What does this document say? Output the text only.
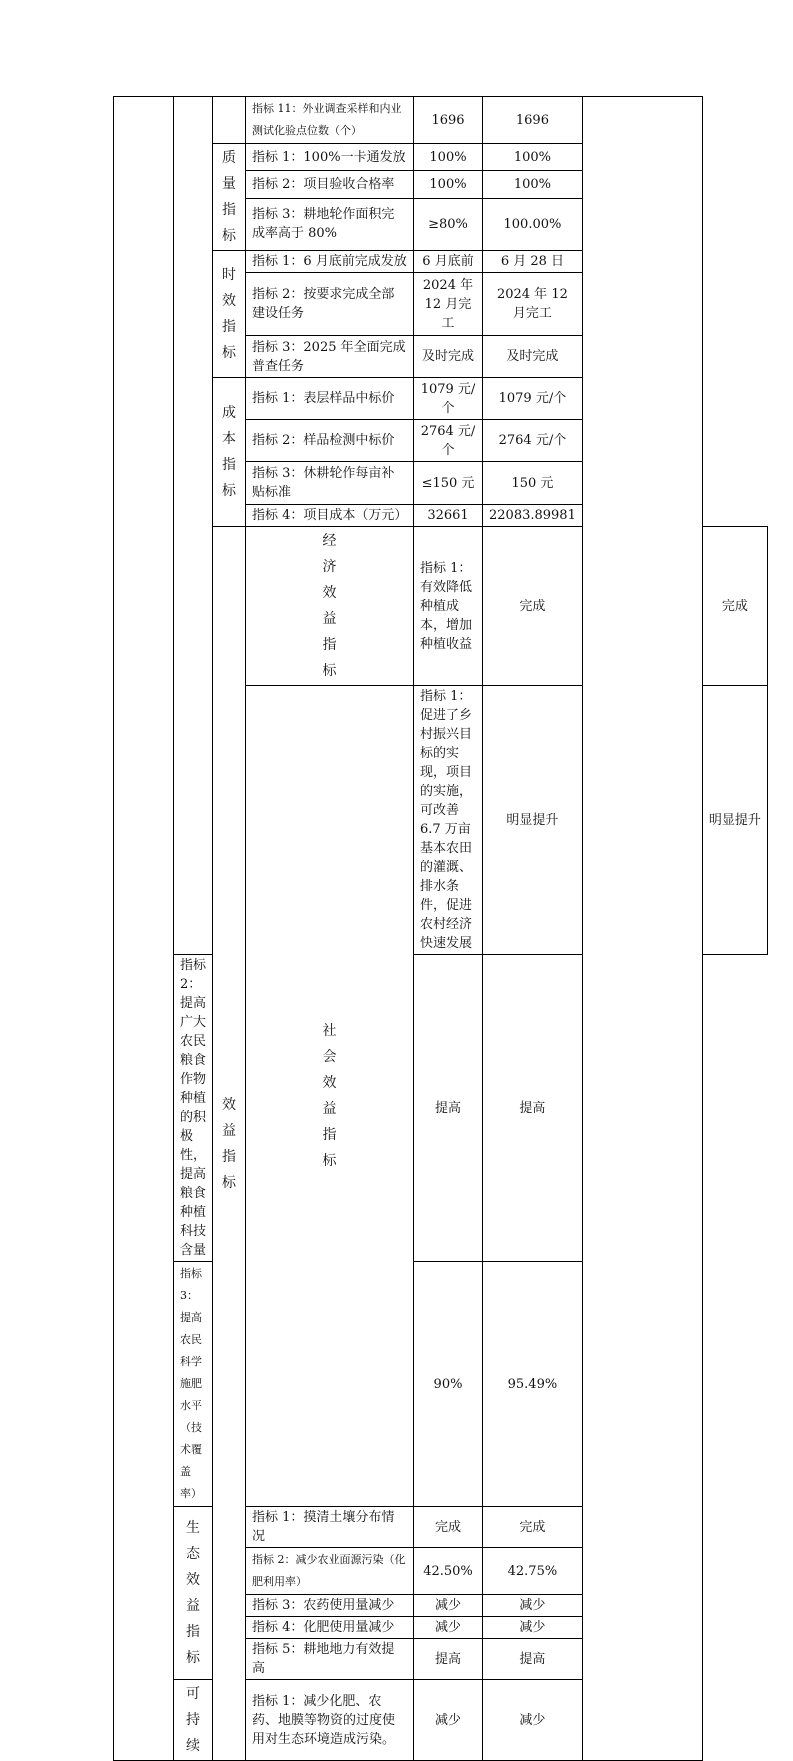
			指标 11：外业调查采样和内业测试化验点位数（个）	1696	1696		

		质量指标	指标 1：100%一卡通发放	100%	100%		
			指标 2：项目验收合格率	100%	100%		
			指标 3：耕地轮作面积完成率高于 80%	≥80%	100.00%		

		时效指标	指标 1：6 月底前完成发放	6 月底前	6 月 28 日		
			指标 2：按要求完成全部建设任务	2024 年 12 月完工	2024 年 12 月完工		
			指标 3：2025 年全面完成普查任务	及时完成	及时完成		

		成本指标	指标 1：表层样品中标价	1079 元/个	1079 元/个		
			指标 2：样品检测中标价	2764 元/个	2764 元/个		
			指标 3：休耕轮作每亩补贴标准	≤150 元	150 元		
			指标 4：项目成本（万元）	32661	22083.89981		

		效益指标	经济效益指标	指标 1：有效降低种植成本，增加种植收益	完成		完成

			社会效益指标	指标 1：促进了乡村振兴目标的实现，项目的实施，可改善 6.7 万亩基本农田的灌溉、排水条件，促进农村经济快速发展	明显提升		明显提升
	指标 2：提高广大农民粮食作物种植的积极性，提高粮食种植科技含量			提高	提高		
	指标 3：提高农民科学施肥水平（技术覆盖率）			90%	95.49%		

	生态效益指标		指标 1：摸清土壤分布情况	完成	完成		
			指标 2：减少农业面源污染（化肥利用率）	42.50%	42.75%		
			指标 3：农药使用量减少	减少	减少		
			指标 4：化肥使用量减少	减少	减少		
			指标 5：耕地地力有效提高	提高	提高		

	可持续		指标 1：减少化肥、农药、地膜等物资的过度使用对生态环境造成污染。	减少	减少		
